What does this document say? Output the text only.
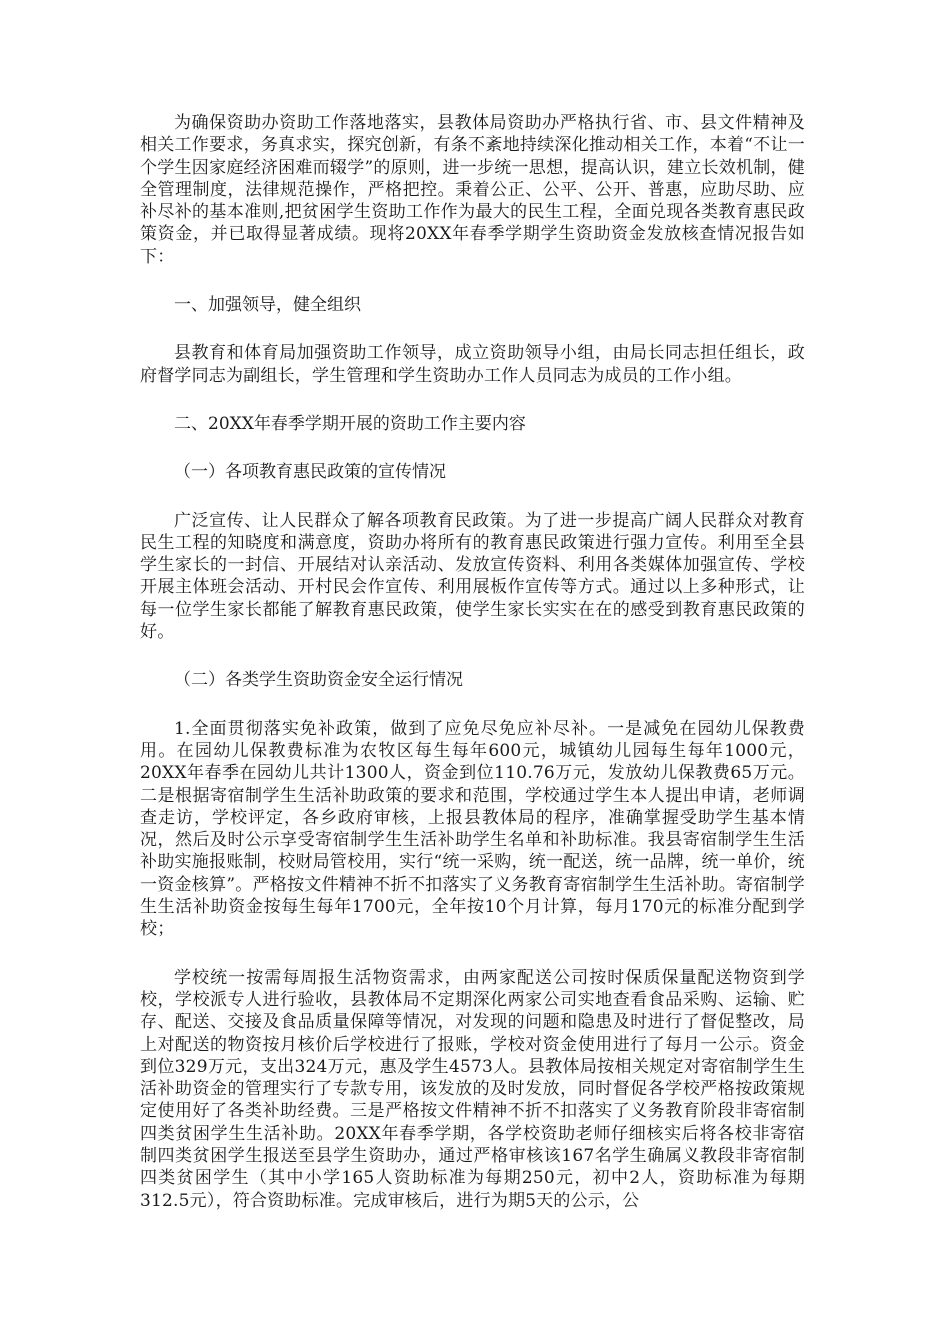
为确保资助办资助工作落地落实，县教体局资助办严格执行省、市、县文件精神及相关工作要求，务真求实，探究创新，有条不紊地持续深化推动相关工作，本着“不让一个学生因家庭经济困难而辍学”的原则，进一步统一思想，提高认识，建立长效机制，健全管理制度，法律规范操作，严格把控。秉着公正、公平、公开、普惠，应助尽助、应补尽补的基本准则,把贫困学生资助工作作为最大的民生工程，全面兑现各类教育惠民政策资金，并已取得显著成绩。现将20XX年春季学期学生资助资金发放核查情况报告如下：

一、加强领导，健全组织

县教育和体育局加强资助工作领导，成立资助领导小组，由局长同志担任组长，政府督学同志为副组长，学生管理和学生资助办工作人员同志为成员的工作小组。

二、20XX年春季学期开展的资助工作主要内容

（一）各项教育惠民政策的宣传情况

广泛宣传、让人民群众了解各项教育民政策。为了进一步提高广阔人民群众对教育民生工程的知晓度和满意度，资助办将所有的教育惠民政策进行强力宣传。利用至全县学生家长的一封信、开展结对认亲活动、发放宣传资料、利用各类媒体加强宣传、学校开展主体班会活动、开村民会作宣传、利用展板作宣传等方式。通过以上多种形式，让每一位学生家长都能了解教育惠民政策，使学生家长实实在在的感受到教育惠民政策的好。

（二）各类学生资助资金安全运行情况

1.全面贯彻落实免补政策，做到了应免尽免应补尽补。一是减免在园幼儿保教费用。在园幼儿保教费标准为农牧区每生每年600元，城镇幼儿园每生每年1000元，20XX年春季在园幼儿共计1300人，资金到位110.76万元，发放幼儿保教费65万元。二是根据寄宿制学生生活补助政策的要求和范围，学校通过学生本人提出申请，老师调查走访，学校评定，各乡政府审核，上报县教体局的程序，准确掌握受助学生基本情况，然后及时公示享受寄宿制学生生活补助学生名单和补助标准。我县寄宿制学生生活补助实施报账制，校财局管校用，实行“统一采购，统一配送，统一品牌，统一单价，统一资金核算”。严格按文件精神不折不扣落实了义务教育寄宿制学生生活补助。寄宿制学生生活补助资金按每生每年1700元，全年按10个月计算，每月170元的标准分配到学校；

学校统一按需每周报生活物资需求，由两家配送公司按时保质保量配送物资到学校，学校派专人进行验收，县教体局不定期深化两家公司实地查看食品采购、运输、贮存、配送、交接及食品质量保障等情况，对发现的问题和隐患及时进行了督促整改，局上对配送的物资按月核价后学校进行了报账，学校对资金使用进行了每月一公示。资金到位329万元，支出324万元，惠及学生4573人。县教体局按相关规定对寄宿制学生生活补助资金的管理实行了专款专用，该发放的及时发放，同时督促各学校严格按政策规定使用好了各类补助经费。三是严格按文件精神不折不扣落实了义务教育阶段非寄宿制四类贫困学生生活补助。20XX年春季学期，各学校资助老师仔细核实后将各校非寄宿制四类贫困学生报送至县学生资助办，通过严格审核该167名学生确属义教段非寄宿制四类贫困学生（其中小学165人资助标准为每期250元，初中2人，资助标准为每期312.5元），符合资助标准。完成审核后，进行为期5天的公示，公
